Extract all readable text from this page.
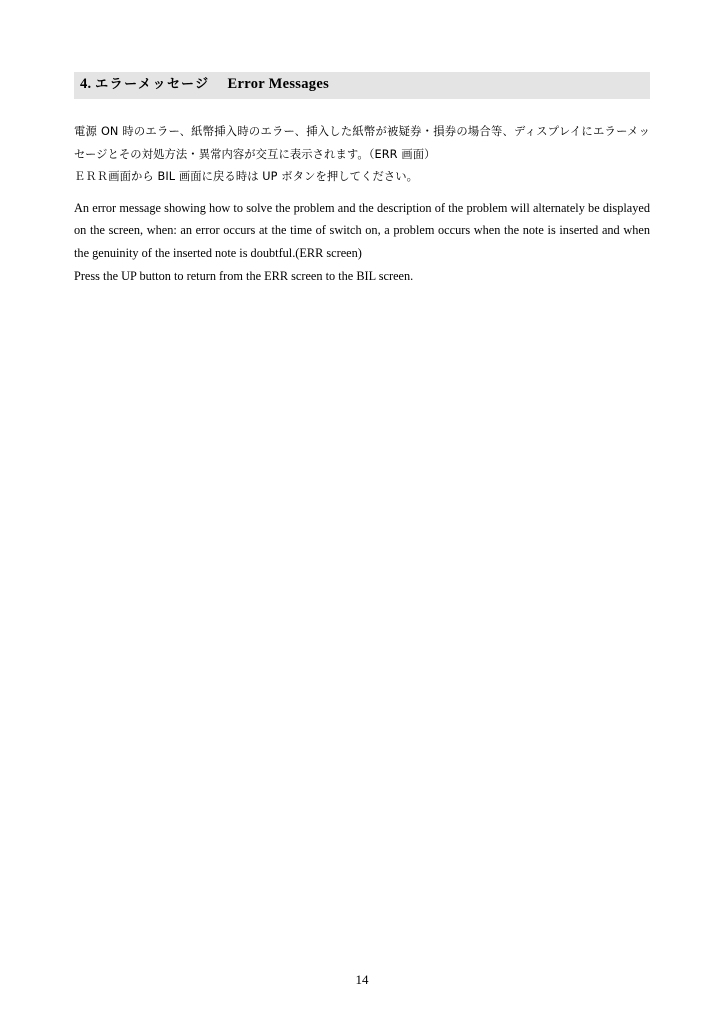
4. エラーメッセージ Error Messages

電源 ON 時のエラー、紙幣挿入時のエラー、挿入した紙幣が被疑券・損券の場合等、ディスプレイにエラーメッセージとその対処方法・異常内容が交互に表示されます。（ERR 画面）

ＥＲＲ画面から BIL 画面に戻る時は UP ボタンを押してください。

An error message showing how to solve the problem and the description of the problem will alternately be displayed on the screen, when: an error occurs at the time of switch on, a problem occurs when the note is inserted and when the genuinity of the inserted note is doubtful.(ERR screen)

Press the UP button to return from the ERR screen to the BIL screen.

14
